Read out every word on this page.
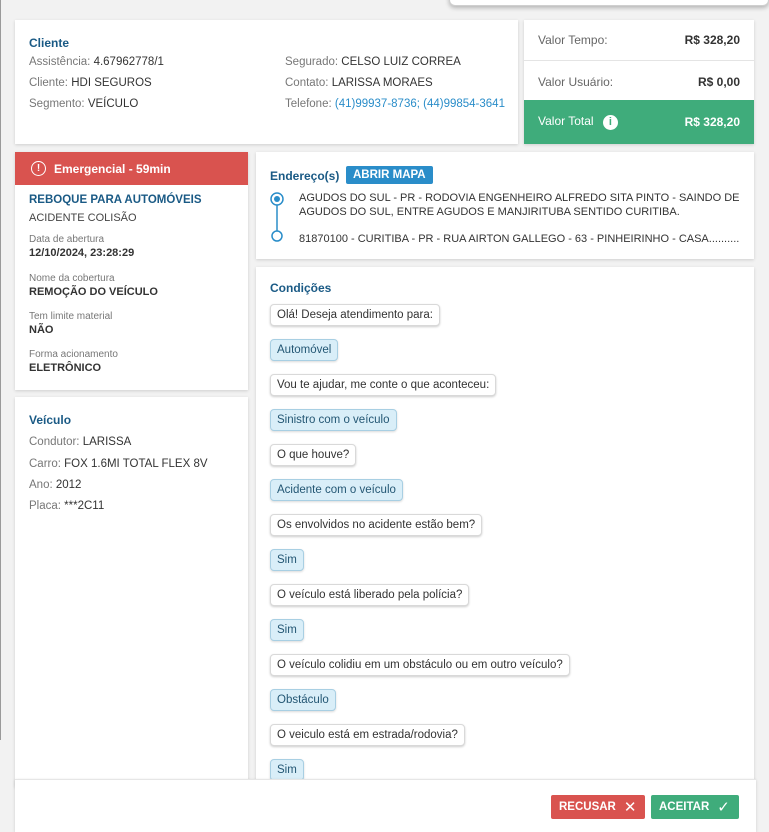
Cliente
Assistência: 4.67962778/1
Cliente: HDI SEGUROS
Segmento: VEÍCULO
Segurado: CELSO LUIZ CORREA
Contato: LARISSA MORAES
Telefone: (41)99937-8736; (44)99854-3641
Valor Tempo:	R$ 328,20
Valor Usuário:	R$ 0,00
Valor Total i	R$ 328,20
!	Emergencial - 59min
REBOQUE PARA AUTOMÓVEIS
ACIDENTE COLISÃO
Data de abertura
12/10/2024, 23:28:29
Nome da cobertura
REMOÇÃO DO VEÍCULO
Tem limite material
NÃO
Forma acionamento
ELETRÔNICO
Veículo
Condutor: LARISSA
Carro: FOX 1.6MI TOTAL FLEX 8V
Ano: 2012
Placa: ***2C11
Endereço(s)	ABRIR MAPA
AGUDOS DO SUL - PR - RODOVIA ENGENHEIRO ALFREDO SITA PINTO - SAINDO DE
AGUDOS DO SUL, ENTRE AGUDOS E MANJIRITUBA SENTIDO CURITIBA.
81870100 - CURITIBA - PR - RUA AIRTON GALLEGO - 63 - PINHEIRINHO - CASA..........
Condições
Olá! Deseja atendimento para:
Automóvel
Vou te ajudar, me conte o que aconteceu:
Sinistro com o veículo
O que houve?
Acidente com o veículo
Os envolvidos no acidente estão bem?
Sim
O veículo está liberado pela polícia?
Sim
O veículo colidiu em um obstáculo ou em outro veículo?
Obstáculo
O veiculo está em estrada/rodovia?
Sim
RECUSAR ✕ ACEITAR ✓
